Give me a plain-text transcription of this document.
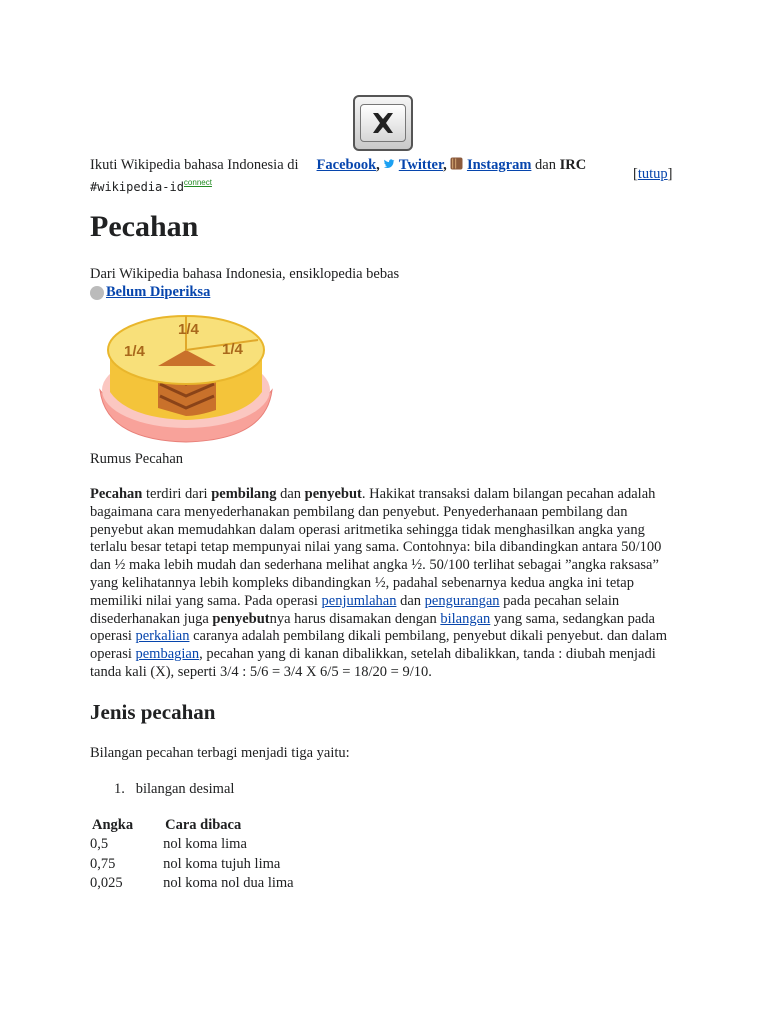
Ikuti Wikipedia bahasa Indonesia di Facebook,  Twitter,  Instagram dan IRC
$\#wikipedia-id^{connect}$
[tutup]
Pecahan
Dari Wikipedia bahasa Indonesia, ensiklopedia bebas
Belum Diperiksa
1/4
1/4
1/4
Rumus Pecahan
Pecahan terdiri dari pembilang dan penyebut. Hakikat transaksi dalam bilangan pecahan adalah bagaimana cara menyederhanakan pembilang dan penyebut. Penyederhanaan pembilang dan penyebut akan memudahkan dalam operasi aritmetika sehingga tidak menghasilkan angka yang terlalu besar tetapi tetap mempunyai nilai yang sama. Contohnya: bila dibandingkan antara 50/100 dan ½ maka lebih mudah dan sederhana melihat angka ½. 50/100 terlihat sebagai ”angka raksasa” yang kelihatannya lebih kompleks dibandingkan ½, padahal sebenarnya kedua angka ini tetap memiliki nilai yang sama. Pada operasi penjumlahan dan pengurangan pada pecahan selain disederhanakan juga penyebutnya harus disamakan dengan bilangan yang sama, sedangkan pada operasi perkalian caranya adalah pembilang dikali pembilang, penyebut dikali penyebut. dan dalam operasi pembagian, pecahan yang di kanan dibalikkan, setelah dibalikkan, tanda : diubah menjadi tanda kali (X), seperti 3/4 : 5/6 = 3/4 X 6/5 = 18/20 = 9/10.
Jenis pecahan
Bilangan pecahan terbagi menjadi tiga yaitu:
1. bilangan desimal
Angka	Cara dibaca
0,5	nol koma lima
0,75	nol koma tujuh lima
0,025	nol koma nol dua lima
